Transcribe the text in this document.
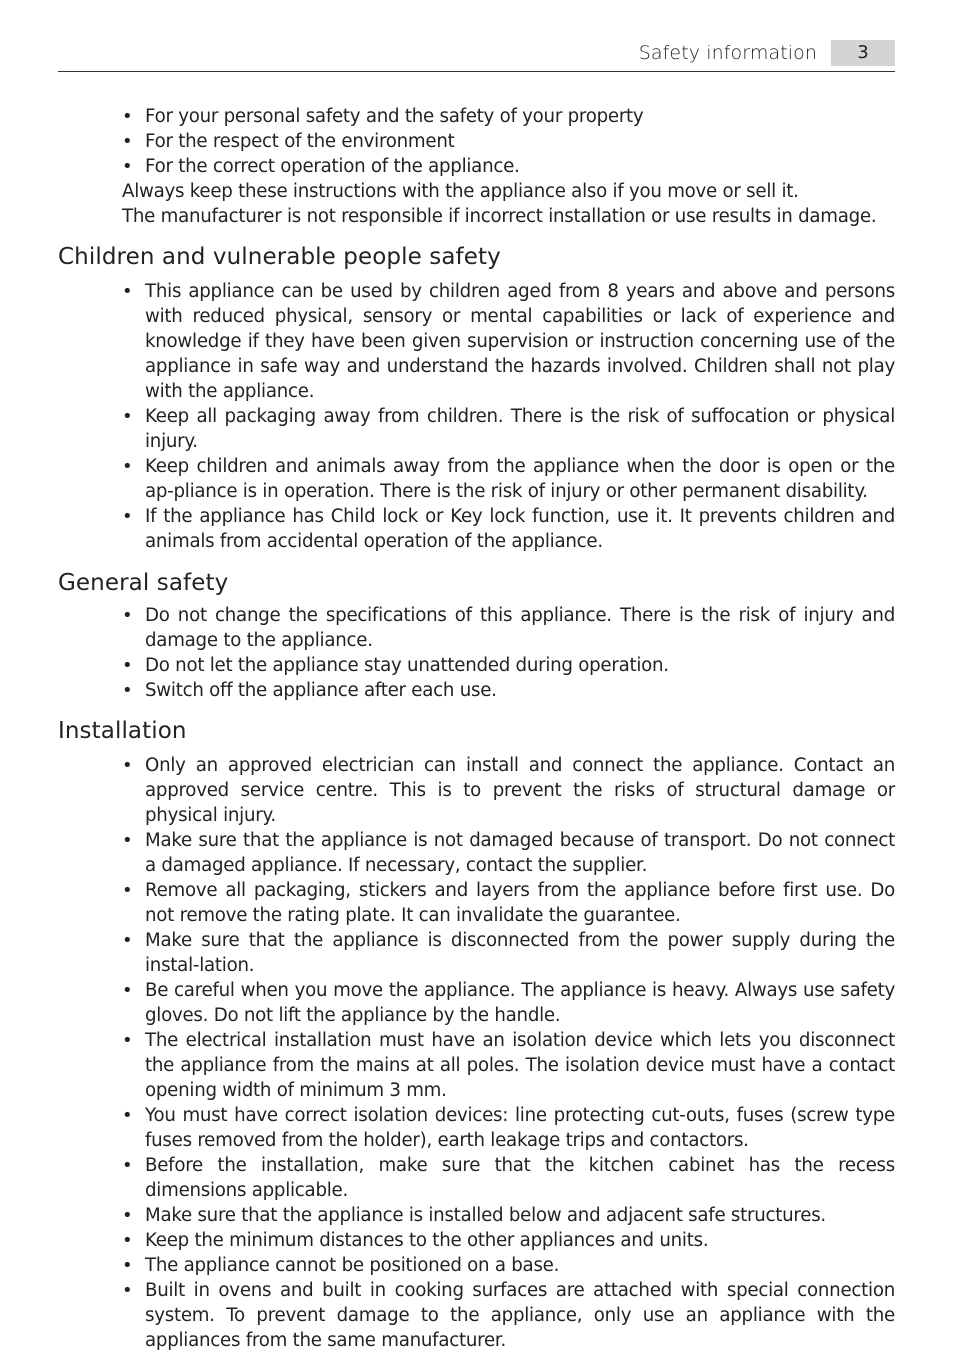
Safety information	3
• For your personal safety and the safety of your property
• For the respect of the environment
• For the correct operation of the appliance.
Always keep these instructions with the appliance also if you move or sell it.
The manufacturer is not responsible if incorrect installation or use results in damage.
Children and vulnerable people safety
• This appliance can be used by children aged from 8 years and above and persons with reduced physical, sensory or mental capabilities or lack of experience and knowledge if they have been given supervision or instruction concerning use of the appliance in safe way and understand the hazards involved. Children shall not play with the appliance.
• Keep all packaging away from children. There is the risk of suffocation or physical injury.
• Keep children and animals away from the appliance when the door is open or the ap-pliance is in operation. There is the risk of injury or other permanent disability.
• If the appliance has Child lock or Key lock function, use it. It prevents children and animals from accidental operation of the appliance.
General safety
• Do not change the specifications of this appliance. There is the risk of injury and damage to the appliance.
• Do not let the appliance stay unattended during operation.
• Switch off the appliance after each use.
Installation
• Only an approved electrician can install and connect the appliance. Contact an approved service centre. This is to prevent the risks of structural damage or physical injury.
• Make sure that the appliance is not damaged because of transport. Do not connect a damaged appliance. If necessary, contact the supplier.
• Remove all packaging, stickers and layers from the appliance before first use. Do not remove the rating plate. It can invalidate the guarantee.
• Make sure that the appliance is disconnected from the power supply during the instal-lation.
• Be careful when you move the appliance. The appliance is heavy. Always use safety gloves. Do not lift the appliance by the handle.
• The electrical installation must have an isolation device which lets you disconnect the appliance from the mains at all poles. The isolation device must have a contact opening width of minimum 3 mm.
• You must have correct isolation devices: line protecting cut-outs, fuses (screw type fuses removed from the holder), earth leakage trips and contactors.
• Before the installation, make sure that the kitchen cabinet has the recess dimensions applicable.
• Make sure that the appliance is installed below and adjacent safe structures.
• Keep the minimum distances to the other appliances and units.
• The appliance cannot be positioned on a base.
• Built in ovens and built in cooking surfaces are attached with special connection system. To prevent damage to the appliance, only use an appliance with the appliances from the same manufacturer.
